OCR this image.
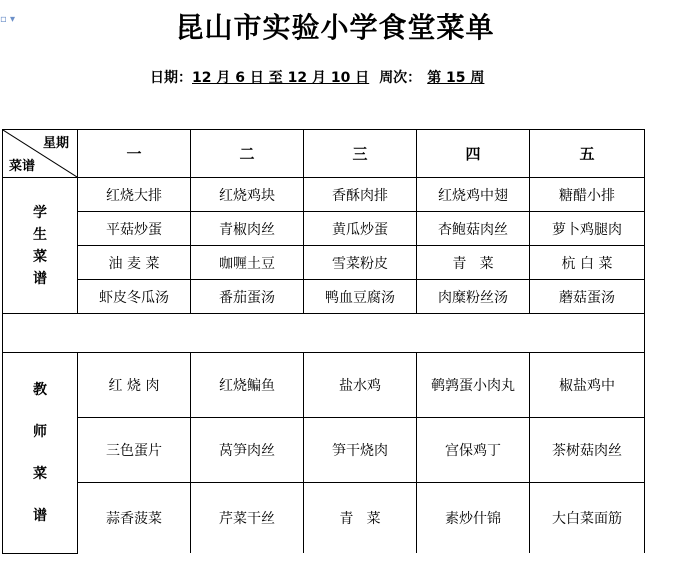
▫ ▾	昆山市实验小学食堂菜单
日期：12 月 6 日 至 12 月 10 日 周次： 第 15 周
星期
菜谱	一	二	三	四	五

学
生
菜
谱	红烧大排	红烧鸡块	香酥肉排	红烧鸡中翅	糖醋小排
	平菇炒蛋	青椒肉丝	黄瓜炒蛋	杏鲍菇肉丝	萝卜鸡腿肉
	油 麦 菜	咖喱土豆	雪菜粉皮	青   菜	杭 白 菜
	虾皮冬瓜汤	番茄蛋汤	鸭血豆腐汤	肉糜粉丝汤	蘑菇蛋汤

教
师
菜
谱	红 烧 肉	红烧鳊鱼	盐水鸡	鹌鹑蛋小肉丸	椒盐鸡中
	三色蛋片	莴笋肉丝	笋干烧肉	宫保鸡丁	茶树菇肉丝
	蒜香菠菜	芹菜干丝	青   菜	素炒什锦	大白菜面筋
